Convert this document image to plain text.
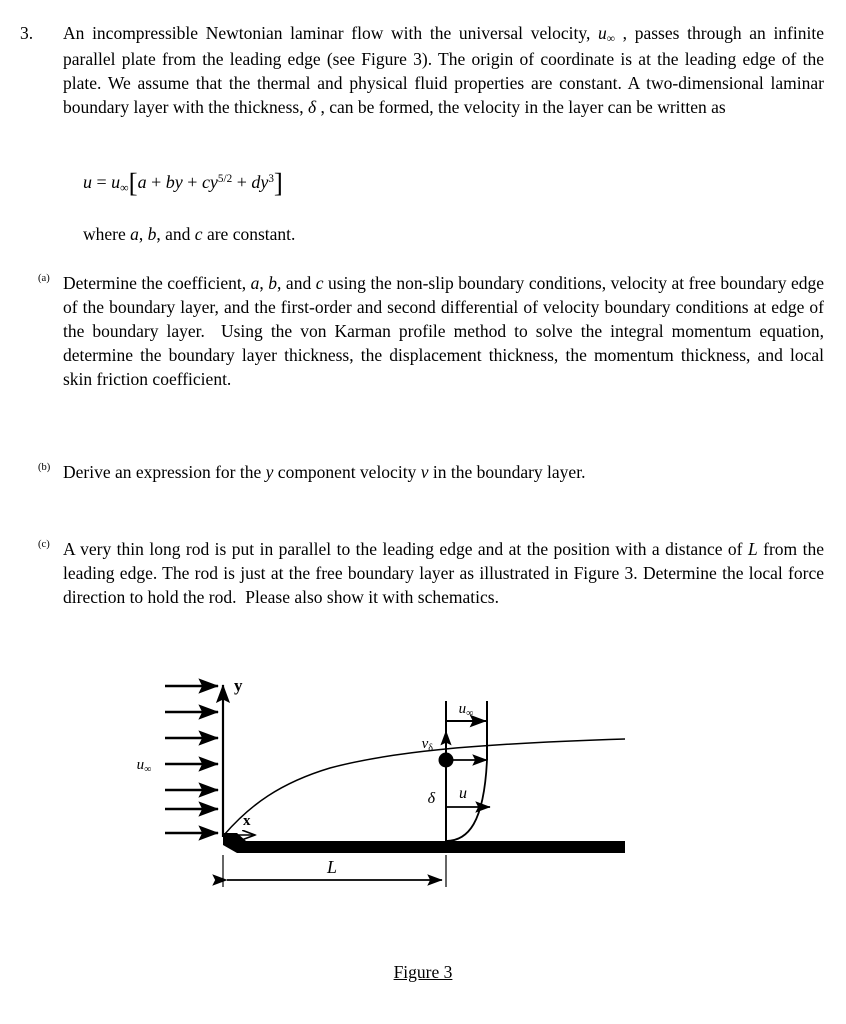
3.	An incompressible Newtonian laminar flow with the universal velocity, $u_\infty$ , passes through an infinite parallel plate from the leading edge (see Figure 3). The origin of coordinate is at the leading edge of the plate. We assume that the thermal and physical fluid properties are constant. A two-dimensional laminar boundary layer with the thickness, δ , can be formed, the velocity in the layer can be written as
$u = u_\infty[a$ + by + $cy^{5/2} + dy^3$]
where a, b, and c are constant.
(a) Determine the coefficient, a, b, and c using the non-slip boundary conditions, velocity at free boundary edge of the boundary layer, and the first-order and second differential of velocity boundary conditions at edge of the boundary layer.  Using the von Karman profile method to solve the integral momentum equation, determine the boundary layer thickness, the displacement thickness, the momentum thickness, and local skin friction coefficient.
(b) Derive an expression for the y component velocity v in the boundary layer.
(c) A very thin long rod is put in parallel to the leading edge and at the position with a distance of L from the leading edge. The rod is just at the free boundary layer as illustrated in Figure 3. Determine the local force direction to hold the rod.  Please also show it with schematics.
$u_\infty$
y
x
$u_\infty$
$v_\delta$
δ u
L
Figure 3
